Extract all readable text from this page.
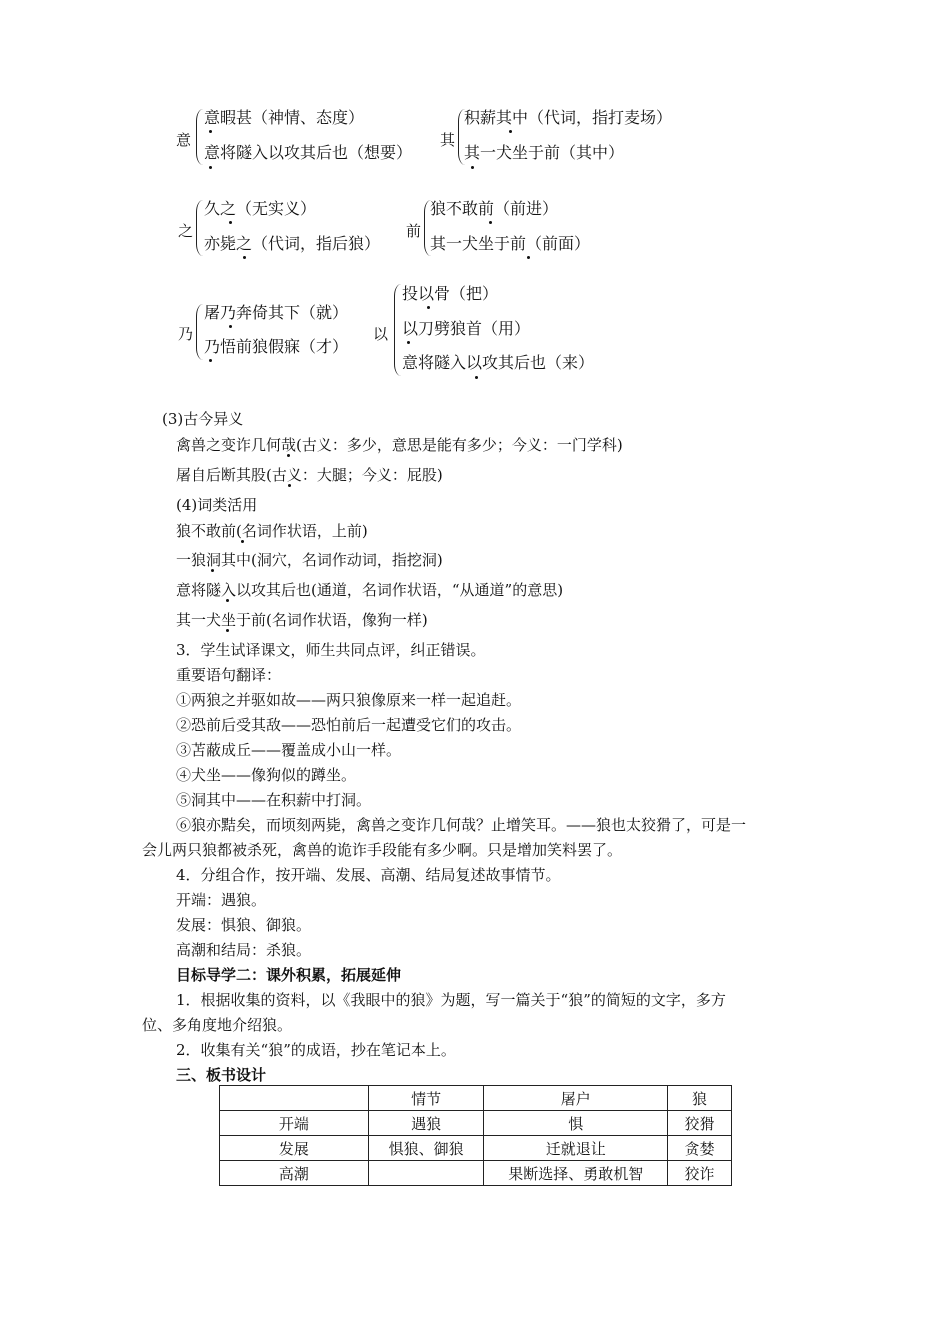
意
意暇甚（神情、态度）
意将隧入以攻其后也（想要）
其
积薪其中（代词，指打麦场）
其一犬坐于前（其中）
之
久之（无实义）
亦毙之（代词，指后狼）
前
狼不敢前（前进）
其一犬坐于前（前面）
乃
屠乃奔倚其下（就）
乃悟前狼假寐（才）
以
投以骨（把）
以刀劈狼首（用）
意将隧入以攻其后也（来）
(3)古今异义
禽兽之变诈几何哉(古义：多少，意思是能有多少；今义：一门学科)
屠自后断其股(古义：大腿；今义：屁股)
(4)词类活用
狼不敢前(名词作状语，上前)
一狼洞其中(洞穴，名词作动词，指挖洞)
意将隧入以攻其后也(通道，名词作状语，“从通道”的意思)
其一犬坐于前(名词作状语，像狗一样)
3．学生试译课文，师生共同点评，纠正错误。
重要语句翻译：
①两狼之并驱如故——两只狼像原来一样一起追赶。
②恐前后受其敌——恐怕前后一起遭受它们的攻击。
③苫蔽成丘——覆盖成小山一样。
④犬坐——像狗似的蹲坐。
⑤洞其中——在积薪中打洞。
⑥狼亦黠矣，而顷刻两毙，禽兽之变诈几何哉？止增笑耳。——狼也太狡猾了，可是一
会儿两只狼都被杀死，禽兽的诡诈手段能有多少啊。只是增加笑料罢了。
4．分组合作，按开端、发展、高潮、结局复述故事情节。
开端：遇狼。
发展：惧狼、御狼。
高潮和结局：杀狼。
目标导学二：课外积累，拓展延伸
1．根据收集的资料，以《我眼中的狼》为题，写一篇关于“狼”的简短的文字，多方
位、多角度地介绍狼。
2．收集有关“狼”的成语，抄在笔记本上。
三、板书设计
	情节	屠户	狼
开端	遇狼	惧	狡猾
发展	惧狼、御狼	迁就退让	贪婪
高潮		果断选择、勇敢机智	狡诈
